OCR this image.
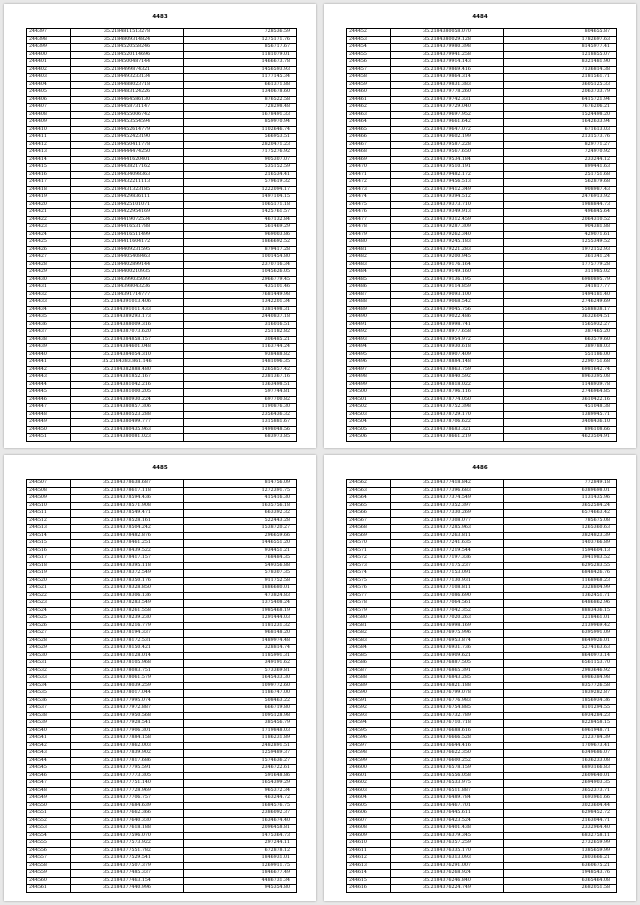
4483
244397	35.2184811513278	728536.59
244398	35.2184809314824	1275171.76
244399	35.2184520558246	856717.67
244400	35.2184520114696	1181079.01
244401	35.2184500487144	1466673.78
244402	35.2184499874321	1456593.93
244403	35.2184493233134	1177145.34
244404	35.2184488023718	661371.88
244405	35.2184483124226	1340678.60
244406	35.2184464586130	876522.58
244407	35.2184458731147	728298.48
244408	35.2184455006742	1678491.33
244409	35.2184453554594	859970.94
244410	35.2184452614779	1102646.74
244411	35.2184452423190	566953.51
244412	35.2184450411778	2820471.23
244413	35.2184444474250	7175276.92
244414	35.2184441620401	905307.07
244415	35.2184438217162	535152.59
244416	35.2184434098363	216534.41
244417	35.2184432211113	579619.32
244418	35.2184431323185	1222094.17
244419	35.2184429836111	1497104.15
244420	35.2184425101071	1065171.18
244421	35.2184422954169	1425761.57
244422	35.2184419072534	467132.84
244423	35.2184416531788	561469.29
244424	35.2184416511499	969003.86
244425	35.2184411604172	1866692.52
244426	35.2184409231595	879417.28
244427	35.2184405408463	1001454.80
244428	35.2184402899144	2370716.34
244429	35.2184400210935	1045626.05
244430	35.2184399035093	2966779.45
244431	35.2184398043236	435101.46
244432	35.2184391714777	7681449.98
244433	35.2184391013.406	1342201.34
244434	35.2184391011.433	1381498.31
244435	35.2184389293.173	2440837.18
244436	35.2184388009.316	316016.51
244437	35.2184387073.620	251182.82
244438	35.2184384858.157	306485.21
244439	35.2184384601.048	1163744.24
244440	35.2184384054.310	938488.82
244441	35.2184383.861.146	1481096.35
244442	35.2184382888.480	1265857.42
244443	35.2184381852.167	2381367.16
244444	35.2184381042.216	1363498.51
244445	35.2184381000.205	597744.81
244446	35.2184380930.224	697700.82
244447	35.2184380857.306	1190876.30
244448	35.2184380523.288	2356436.32
244449	35.2184380499.777	1315881.67
244450	35.2184380435.963	1498048.56
244451	35.2184380081.023	683973.85
4484
244452	35.2184380058.070	804655.87
244453	35.2184380029.128	1782697.63
244454	35.2184379980.398	8145977.41
244455	35.2184379941.258	1218855.07
244456	35.2184379914.143	8321481.90
244457	35.2184379869.416	7136814.38
244458	35.2184379864.314	2181561.71
244459	35.2184379831.383	3605125.33
244460	35.2184379778.260	2063733.79
244461	35.2184379742.331	6415721.94
244462	35.2184379729.040	7676206.21
244463	35.2184379697.952	1524498.20
244464	35.2184379661.642	1642633.94
244465	35.2184379647.072	671613.03
244466	35.2184379602.199	2131573.76
244467	35.2184379587.228	829771.27
244468	35.2184379567.650	724970.92
244469	35.2184379534.184	233244.12
244470	35.2184379510.191	899441.63
244471	35.2184379482.172	251751.68
244472	35.2184379456.513	562879.68
244473	35.2184379412.349	908987.43
244474	35.2184379394.512	2476913.92
244475	35.2184379373.710	1988844.73
244476	35.2184379349.913	496845.64
244477	35.2184379312.459	2064310.52
244478	35.2184379287.309	904381.88
244479	35.2184379262.340	429071.61
244480	35.2184379245.183	1255349.52
244481	35.2184379221.283	1972152.93
244482	35.2184379200.945	361341.24
244483	35.2184379176.164	1775779.28
244484	35.2184379149.160	311985.02
244485	35.2184379136.195	6980895.79
244486	35.2184379114.859	341817.77
244487	35.2184379093.100	1494181.40
244488	35.2184379068.542	2746249.69
244489	35.2184379045.756	5588838.17
244490	35.2184379022.486	3632604.51
244491	35.2184378998.741	1565932.27
244492	35.2184378977.658	387465.20
244493	35.2184378954.972	663579.60
244494	35.2184378930.618	389788.03
244495	35.2184378907.409	551186.00
244496	35.2184378884.148	2290751.68
244497	35.2184378863.759	6981642.74
244498	35.2184378840.592	8963395.08
244499	35.2184378818.022	1148939.78
244500	35.2184378796.116	2746964.85
244501	35.2184378774.050	3610422.16
244502	35.2184378752.398	451048.38
244503	35.2184378729.170	1389945.71
244504	35.2184378706.622	3408436.10
244505	35.2184378683.321	896108.66
244506	35.2184378661.219	4623504.91
4485
244507	35.2184378638.687	814756.09
244508	35.2184378617.118	1272391.75
244509	35.2184378594.436	415416.30
244510	35.2184378571.908	1635756.18
244511	35.2184378549.471	663392.32
244512	35.2184378528.161	522443.28
244513	35.2184378504.242	1538720.27
244514	35.2184378482.876	296659.66
244515	35.2184378461.251	1446551.20
244516	35.2184378439.522	934451.21
244517	35.2184378417.157	768484.35
244518	35.2184378395.118	549356.88
244519	35.2184378372.549	578307.35
244520	35.2184378350.176	911752.58
244521	35.2184378328.850	1886680.01
244522	35.2184378306.136	473824.83
244523	35.2184378283.549	1375408.24
244524	35.2184378261.558	1985468.19
244525	35.2184378239.230	1291444.03
244526	35.2184378216.779	1181231.32
244527	35.2184378194.337	968148.20
244528	35.2184378172.531	1489974.48
244529	35.2184378150.421	328814.74
244530	35.2184378128.014	1185991.31
244531	35.2184378105.968	349191.62
244532	35.2184378083.751	573369.81
244533	35.2184378061.579	1645433.30
244534	35.2184378039.259	1099772.60
244535	35.2184378017.044	1186747.00
244536	35.2184377995.074	508463.22
244537	35.2184377972.887	666719.80
244538	35.2184377950.568	1095128.98
244539	35.2184377928.541	385456.79
244540	35.2184377906.301	1719848.03
244541	35.2184377884.158	1186231.89
244542	35.2184377862.003	2482891.51
244543	35.2184377839.902	1259489.37
244544	35.2184377817.686	1574636.27
244545	35.2184377795.591	2346722.61
244546	35.2184377773.305	591648.86
244547	35.2184377751.140	1654399.29
244548	35.2184377728.969	965372.34
244549	35.2184377706.757	463244.72
244550	35.2184377684.639	1684576.75
244551	35.2184377662.366	2386092.37
244552	35.2184377640.330	1634674.40
244553	35.2184377618.188	2096458.81
244554	35.2184377596.070	1475364.73
244555	35.2184377573.922	297244.11
244556	35.2184377551.782	672878.12
244557	35.2184377529.541	1846931.01
244558	35.2184377507.379	1269911.75
244559	35.2184377485.337	1846677.49
244560	35.2184377463.154	4486731.34
244561	35.2184377440.996	945354.80
4486
244562	35.2184377418.842	772849.18
244563	35.2184377396.683	6389698.01
244564	35.2184377374.549	1131435.96
244565	35.2184377352.397	3652584.24
244566	35.2184377330.269	6574663.42
244567	35.2184377308.077	785675.08
244568	35.2184377285.963	1265360.63
244569	35.2184377263.811	3824823.39
244570	35.2184377241.635	1403766.89
244571	35.2184377219.544	1594604.13
244572	35.2184377197.336	3941983.52
244573	35.2184377175.237	6295283.55
244574	35.2184377153.091	6848426.76
244575	35.2184377130.931	1168968.23
244576	35.2184377108.811	3328804.99
244577	35.2184377086.690	1362451.71
244578	35.2184377064.561	6486862.96
244579	35.2184377042.352	8883436.15
244580	35.2184377020.263	1218461.01
244581	35.2184376998.169	2139969.42
244582	35.2184376975.996	6395991.09
244583	35.2184376953.874	8649926.01
244584	35.2184376931.736	5274163.63
244585	35.2184376909.621	8640973.14
244586	35.2184376887.505	6561153.70
244587	35.2184376865.391	2983646.92
244588	35.2184376843.285	6986384.98
244589	35.2184376821.188	8357726.58
244590	35.2184376799.078	1839282.87
244591	35.2184376776.983	1856934.36
244592	35.2184376754.885	8101294.55
244593	35.2184376732.789	6934284.23
244594	35.2184376710.718	8228458.15
244595	35.2184376688.616	6961948.71
244596	35.2184376666.528	2123784.39
244597	35.2184376644.416	1709673.41
244598	35.2184376622.350	6349686.07
244599	35.2184376600.252	1636233.08
244600	35.2184376578.159	6893166.83
244601	35.2184376556.058	2609640.01
244602	35.2184376533.975	2694903.35
244603	35.2184376511.887	3652373.71
244604	35.2184376489.784	1693961.66
244605	35.2184376467.701	3023604.44
244606	35.2184376445.611	6298452.72
244607	35.2184376423.524	2163044.71
244608	35.2184376401.438	2332964.40
244609	35.2184376379.345	6832758.11
244610	35.2184376357.259	2732659.99
244611	35.2184376335.170	1385659.99
244612	35.2184376313.093	2803666.21
244613	35.2184376291.007	6360675.21
244614	35.2184376268.924	1948543.76
244615	35.2184376246.840	6365464.08
244616	35.2184376224.749	2682051.58
